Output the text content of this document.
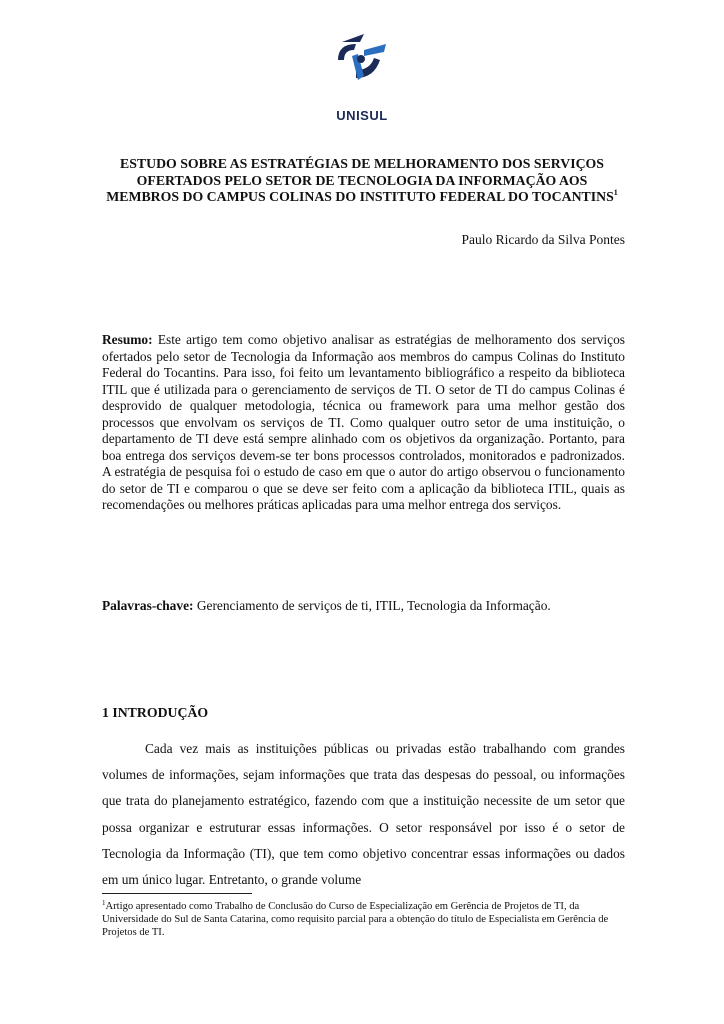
UNISUL
ESTUDO SOBRE AS ESTRATÉGIAS DE MELHORAMENTO DOS SERVIÇOS OFERTADOS PELO SETOR DE TECNOLOGIA DA INFORMAÇÃO AOS MEMBROS DO CAMPUS COLINAS DO INSTITUTO FEDERAL DO TOCANTINS$^1$
Paulo Ricardo da Silva Pontes
Resumo: Este artigo tem como objetivo analisar as estratégias de melhoramento dos serviços ofertados pelo setor de Tecnologia da Informação aos membros do campus Colinas do Instituto Federal do Tocantins. Para isso, foi feito um levantamento bibliográfico a respeito da biblioteca ITIL que é utilizada para o gerenciamento de serviços de TI. O setor de TI do campus Colinas é desprovido de qualquer metodologia, técnica ou framework para uma melhor gestão dos processos que envolvam os serviços de TI. Como qualquer outro setor de uma instituição, o departamento de TI deve está sempre alinhado com os objetivos da organização. Portanto, para boa entrega dos serviços devem-se ter bons processos controlados, monitorados e padronizados. A estratégia de pesquisa foi o estudo de caso em que o autor do artigo observou o funcionamento do setor de TI e comparou o que se deve ser feito com a aplicação da biblioteca ITIL, quais as recomendações ou melhores práticas aplicadas para uma melhor entrega dos serviços.
Palavras-chave: Gerenciamento de serviços de ti, ITIL, Tecnologia da Informação.
1 INTRODUÇÃO
Cada vez mais as instituições públicas ou privadas estão trabalhando com grandes volumes de informações, sejam informações que trata das despesas do pessoal, ou informações que trata do planejamento estratégico, fazendo com que a instituição necessite de um setor que possa organizar e estruturar essas informações. O setor responsável por isso é o setor de Tecnologia da Informação (TI), que tem como objetivo concentrar essas informações ou dados em um único lugar. Entretanto, o grande volume
$^1$Artigo apresentado como Trabalho de Conclusão do Curso de Especialização em Gerência de Projetos de TI, da Universidade do Sul de Santa Catarina, como requisito parcial para a obtenção do título de Especialista em Gerência de Projetos de TI.
